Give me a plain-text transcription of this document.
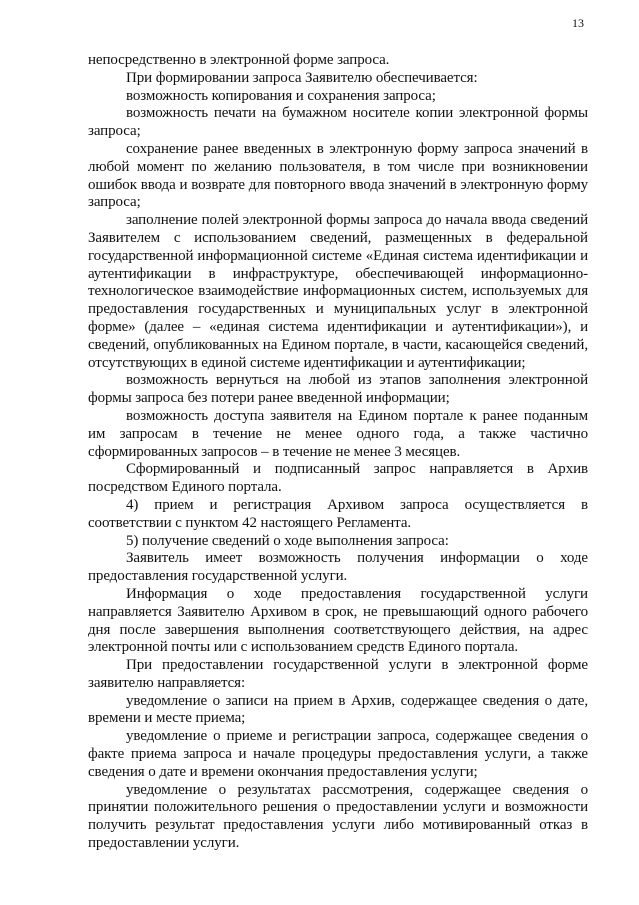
13

непосредственно в электронной форме запроса.

При формировании запроса Заявителю обеспечивается:

возможность копирования и сохранения запроса;

возможность печати на бумажном носителе копии электронной формы запроса;

сохранение ранее введенных в электронную форму запроса значений в любой момент по желанию пользователя, в том числе при возникновении ошибок ввода и возврате для повторного ввода значений в электронную форму запроса;

заполнение полей электронной формы запроса до начала ввода сведений Заявителем с использованием сведений, размещенных в федеральной государственной информационной системе «Единая система идентификации и аутентификации в инфраструктуре, обеспечивающей информационно-технологическое взаимодействие информационных систем, используемых для предоставления государственных и муниципальных услуг в электронной форме» (далее – «единая система идентификации и аутентификации»), и сведений, опубликованных на Едином портале, в части, касающейся сведений, отсутствующих в единой системе идентификации и аутентификации;

возможность вернуться на любой из этапов заполнения электронной формы запроса без потери ранее введенной информации;

возможность доступа заявителя на Едином портале к ранее поданным им запросам в течение не менее одного года, а также частично сформированных запросов – в течение не менее 3 месяцев.

Сформированный и подписанный запрос направляется в Архив посредством Единого портала.

4) прием и регистрация Архивом запроса осуществляется в соответствии с пунктом 42 настоящего Регламента.

5) получение сведений о ходе выполнения запроса:

Заявитель имеет возможность получения информации о ходе предоставления государственной услуги.

Информация о ходе предоставления государственной услуги направляется Заявителю Архивом в срок, не превышающий одного рабочего дня после завершения выполнения соответствующего действия, на адрес электронной почты или с использованием средств Единого портала.

При предоставлении государственной услуги в электронной форме заявителю направляется:

уведомление о записи на прием в Архив, содержащее сведения о дате, времени и месте приема;

уведомление о приеме и регистрации запроса, содержащее сведения о факте приема запроса и начале процедуры предоставления услуги, а также сведения о дате и времени окончания предоставления услуги;

уведомление о результатах рассмотрения, содержащее сведения о принятии положительного решения о предоставлении услуги и возможности получить результат предоставления услуги либо мотивированный отказ в предоставлении услуги.
